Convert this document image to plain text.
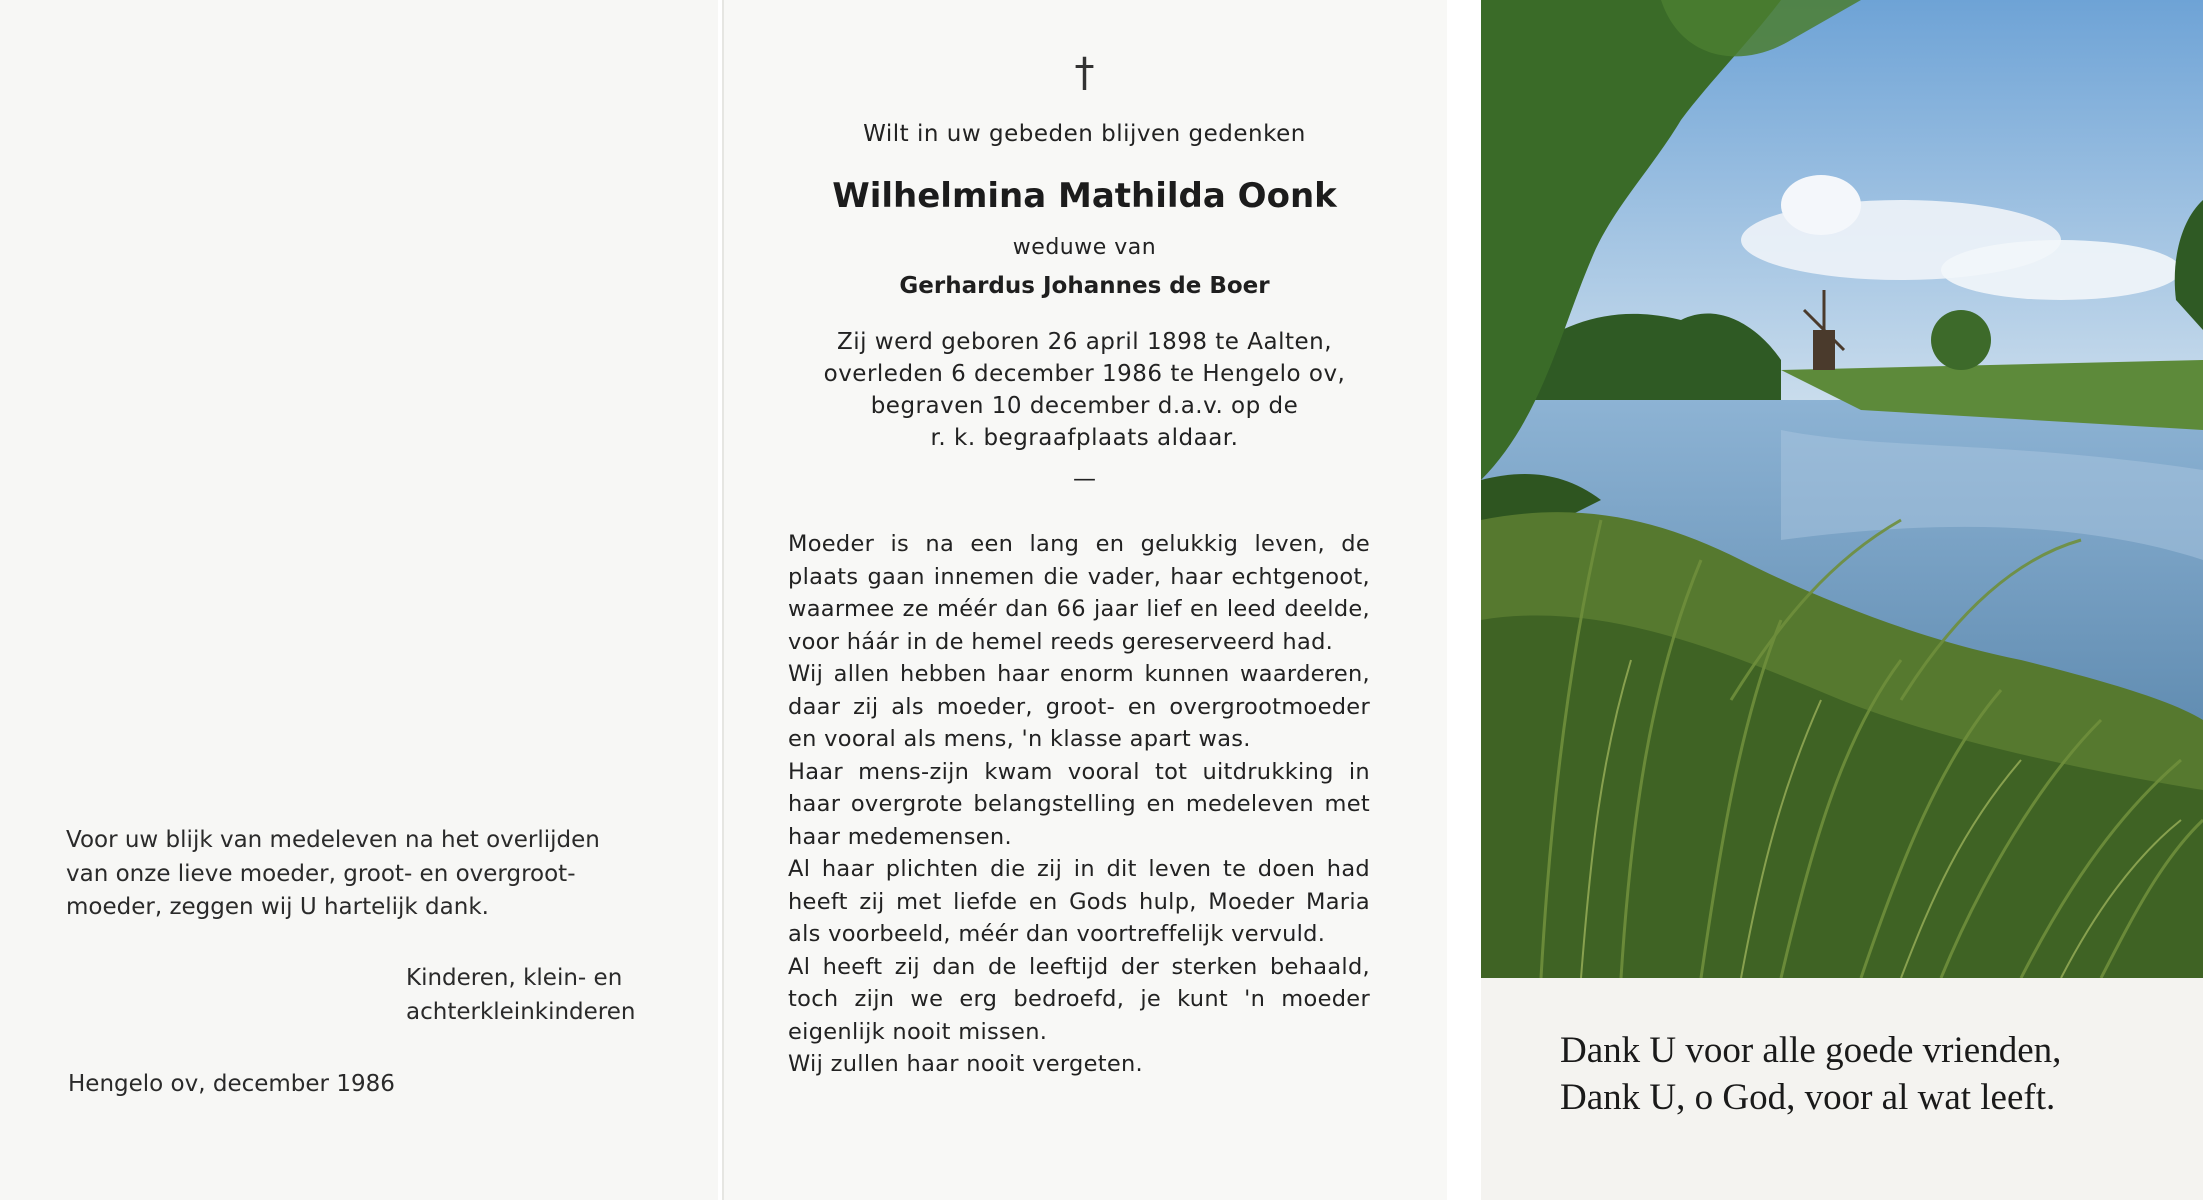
Voor uw blijk van medeleven na het overlijden
van onze lieve moeder, groot- en overgroot-
moeder, zeggen wij U hartelijk dank.
Kinderen, klein- en
achterkleinkinderen
Hengelo ov, december 1986
†
Wilt in uw gebeden blijven gedenken
Wilhelmina Mathilda Oonk
weduwe van
Gerhardus Johannes de Boer
Zij werd geboren 26 april 1898 te Aalten,
overleden 6 december 1986 te Hengelo ov,
begraven 10 december d.a.v. op de
r. k. begraafplaats aldaar.
—

Moeder is na een lang en gelukkig leven, de plaats gaan innemen die vader, haar echtgenoot, waarmee ze méér dan 66 jaar lief en leed deelde, voor háár in de hemel reeds gereserveerd had.

Wij allen hebben haar enorm kunnen waarderen, daar zij als moeder, groot- en overgrootmoeder en vooral als mens, 'n klasse apart was.

Haar mens-zijn kwam vooral tot uitdrukking in haar overgrote belangstelling en medeleven met haar medemensen.

Al haar plichten die zij in dit leven te doen had heeft zij met liefde en Gods hulp, Moeder Maria als voorbeeld, méér dan voortreffelijk vervuld.

Al heeft zij dan de leeftijd der sterken behaald, toch zijn we erg bedroefd, je kunt 'n moeder eigenlijk nooit missen.

Wij zullen haar nooit vergeten.	Dank U voor alle goede vrienden,
Dank U, o God, voor al wat leeft.
